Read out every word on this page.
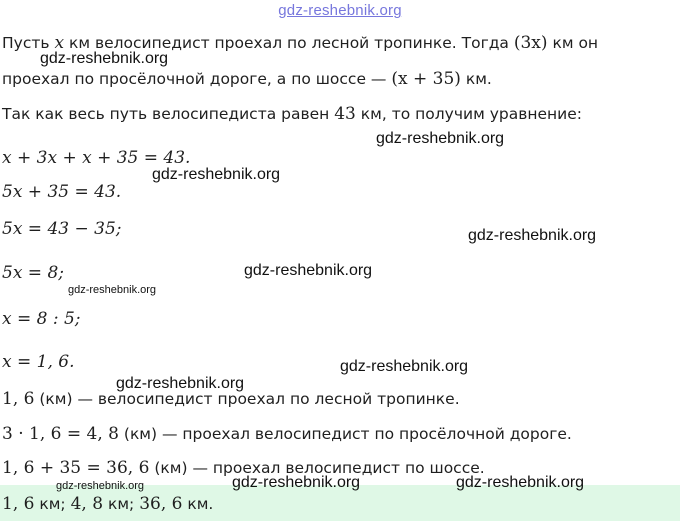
gdz-reshebnik.org
Пусть x км велосипедист проехал по лесной тропинке. Тогда (3x) км он
проехал по просёлочной дороге, а по шоссе — (x + 35) км.
Так как весь путь велосипедиста равен 43 км, то получим уравнение:
x + 3x + x + 35 = 43.
5x + 35 = 43.
5x = 43 − 35;
5x = 8;
x = 8 : 5;
x = 1, 6.
1, 6 (км) — велосипедист проехал по лесной тропинке.
3 · 1, 6 = 4, 8 (км) — проехал велосипедист по просёлочной дороге.
1, 6 + 35 = 36, 6 (км) — проехал велосипедист по шоссе.
1, 6 км; 4, 8 км; 36, 6 км.
gdz-reshebnik.org
gdz-reshebnik.org
gdz-reshebnik.org
gdz-reshebnik.org
gdz-reshebnik.org
gdz-reshebnik.org
gdz-reshebnik.org
gdz-reshebnik.org
gdz-reshebnik.org	gdz-reshebnik.org	gdz-reshebnik.org
